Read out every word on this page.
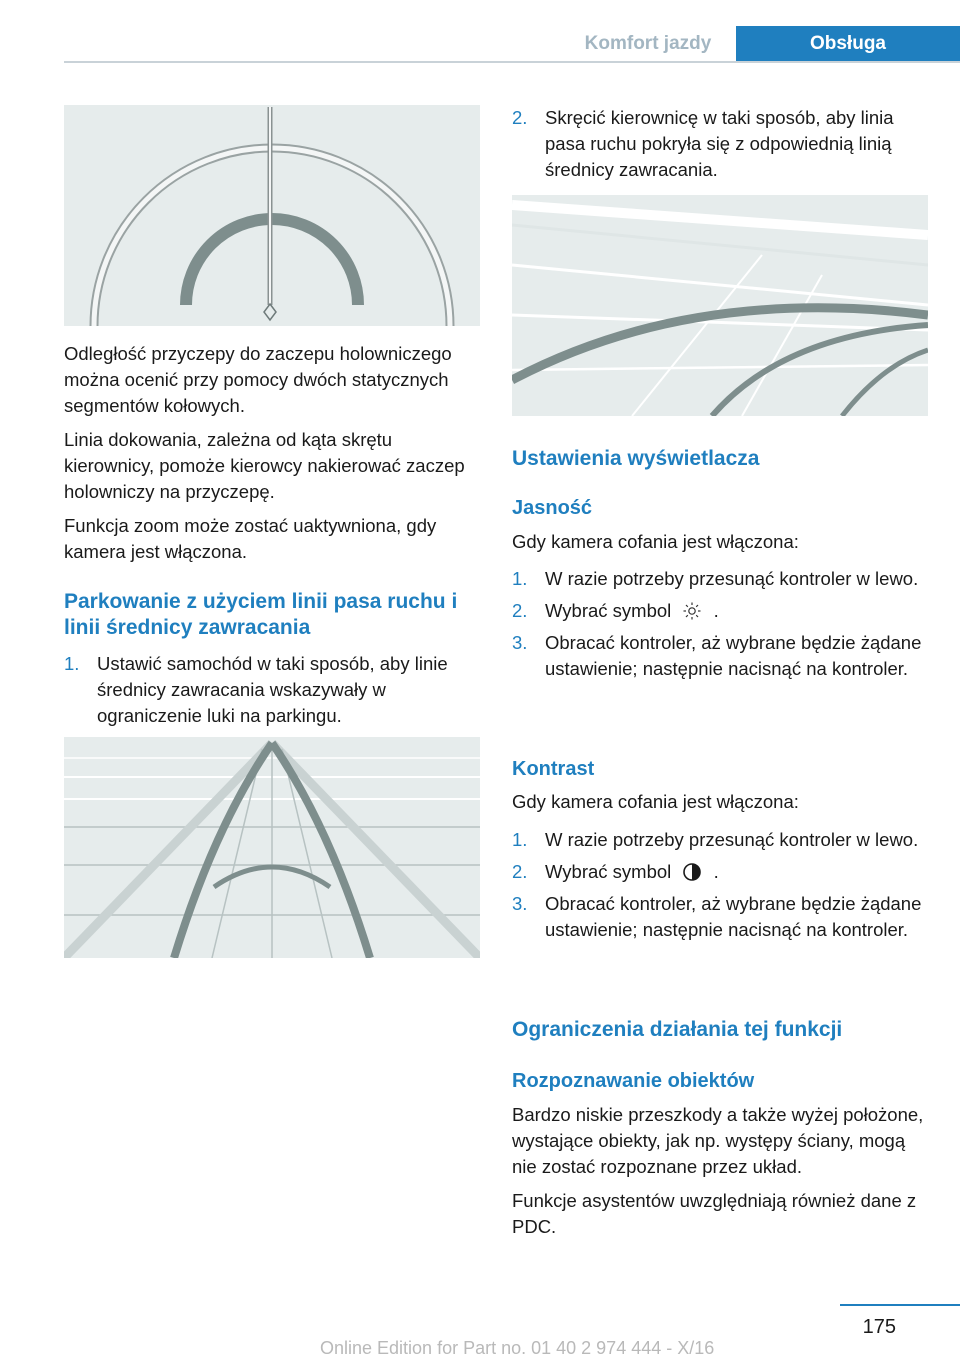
Komfort jazdy	Obsługa

Odległość przyczepy do zaczepu holowniczego można ocenić przy pomocy dwóch statycznych segmentów kołowych.

Linia dokowania, zależna od kąta skrętu kierownicy, pomoże kierowcy nakierować zaczep holowniczy na przyczepę.

Funkcja zoom może zostać uaktywniona, gdy kamera jest włączona.

Parkowanie z użyciem linii pasa ruchu i linii średnicy zawracania
1. Ustawić samochód w taki sposób, aby linie średnicy zawracania wskazywały w ograniczenie luki na parkingu.
2. Skręcić kierownicę w taki sposób, aby linia pasa ruchu pokryła się z odpowiednią linią średnicy zawracania.
Ustawienia wyświetlacza
Jasność
Gdy kamera cofania jest włączona:
1. W razie potrzeby przesunąć kontroler w lewo.
2. Wybrać symbol .
3. Obracać kontroler, aż wybrane będzie żądane ustawienie; następnie nacisnąć na kontroler.
Kontrast
Gdy kamera cofania jest włączona:
1. W razie potrzeby przesunąć kontroler w lewo.
2. Wybrać symbol .
3. Obracać kontroler, aż wybrane będzie żądane ustawienie; następnie nacisnąć na kontroler.
Ograniczenia działania tej funkcji
Rozpoznawanie obiektów

Bardzo niskie przeszkody a także wyżej położone, wystające obiekty, jak np. występy ściany, mogą nie zostać rozpoznane przez układ.

Funkcje asystentów uwzględniają również dane z PDC.

175
Online Edition for Part no. 01 40 2 974 444 - X/16
